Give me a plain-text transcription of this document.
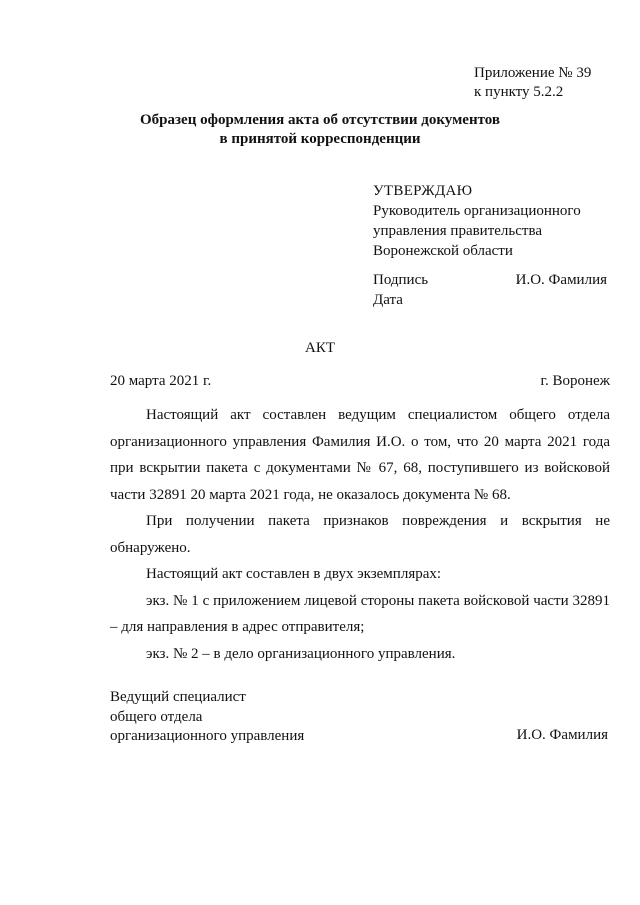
Приложение № 39
к пункту 5.2.2
Образец оформления акта об отсутствии документов
в принятой корреспонденции
УТВЕРЖДАЮ
Руководитель организационного
управления правительства
Воронежской области
Подпись
Дата
И.О. Фамилия
АКТ
20 марта 2021 г.	г. Воронеж

Настоящий акт составлен ведущим специалистом общего отдела организационного управления Фамилия И.О. о том, что 20 марта 2021 года при вскрытии пакета с документами № 67, 68, поступившего из войсковой части 32891 20 марта 2021 года, не оказалось документа № 68.

При получении пакета признаков повреждения и вскрытия не обнаружено.

Настоящий акт составлен в двух экземплярах:

экз. № 1 с приложением лицевой стороны пакета войсковой части 32891 – для направления в адрес отправителя;

экз. № 2 – в дело организационного управления.

Ведущий специалист
общего отдела
организационного управления	И.О. Фамилия
